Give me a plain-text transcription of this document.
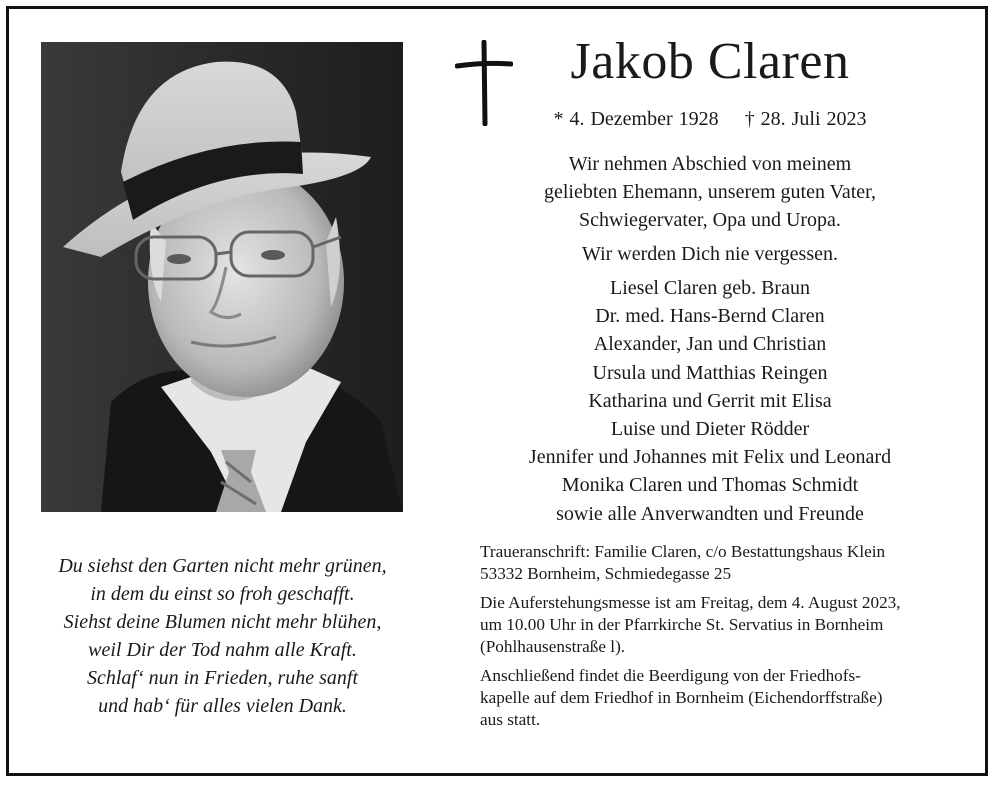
Jakob Claren
* 4. Dezember 1928 † 28. Juli 2023
Wir nehmen Abschied von meinem
geliebten Ehemann, unserem guten Vater,
Schwiegervater, Opa und Uropa.
Wir werden Dich nie vergessen.
Liesel Claren geb. Braun
Dr. med. Hans-Bernd Claren
Alexander, Jan und Christian
Ursula und Matthias Reingen
Katharina und Gerrit mit Elisa
Luise und Dieter Rödder
Jennifer und Johannes mit Felix und Leonard
Monika Claren und Thomas Schmidt
sowie alle Anverwandten und Freunde
Du siehst den Garten nicht mehr grünen,
in dem du einst so froh geschafft.
Siehst deine Blumen nicht mehr blühen,
weil Dir der Tod nahm alle Kraft.
Schlaf‘ nun in Frieden, ruhe sanft
und hab‘ für alles vielen Dank.

Traueranschrift: Familie Claren, c/o Bestattungshaus Klein
53332 Bornheim, Schmiedegasse 25

Die Auferstehungsmesse ist am Freitag, dem 4. August 2023,
um 10.00 Uhr in der Pfarrkirche St. Servatius in Bornheim
(Pohlhausenstraße l).

Anschließend findet die Beerdigung von der Friedhofs-
kapelle auf dem Friedhof in Bornheim (Eichendorffstraße)
aus statt.
